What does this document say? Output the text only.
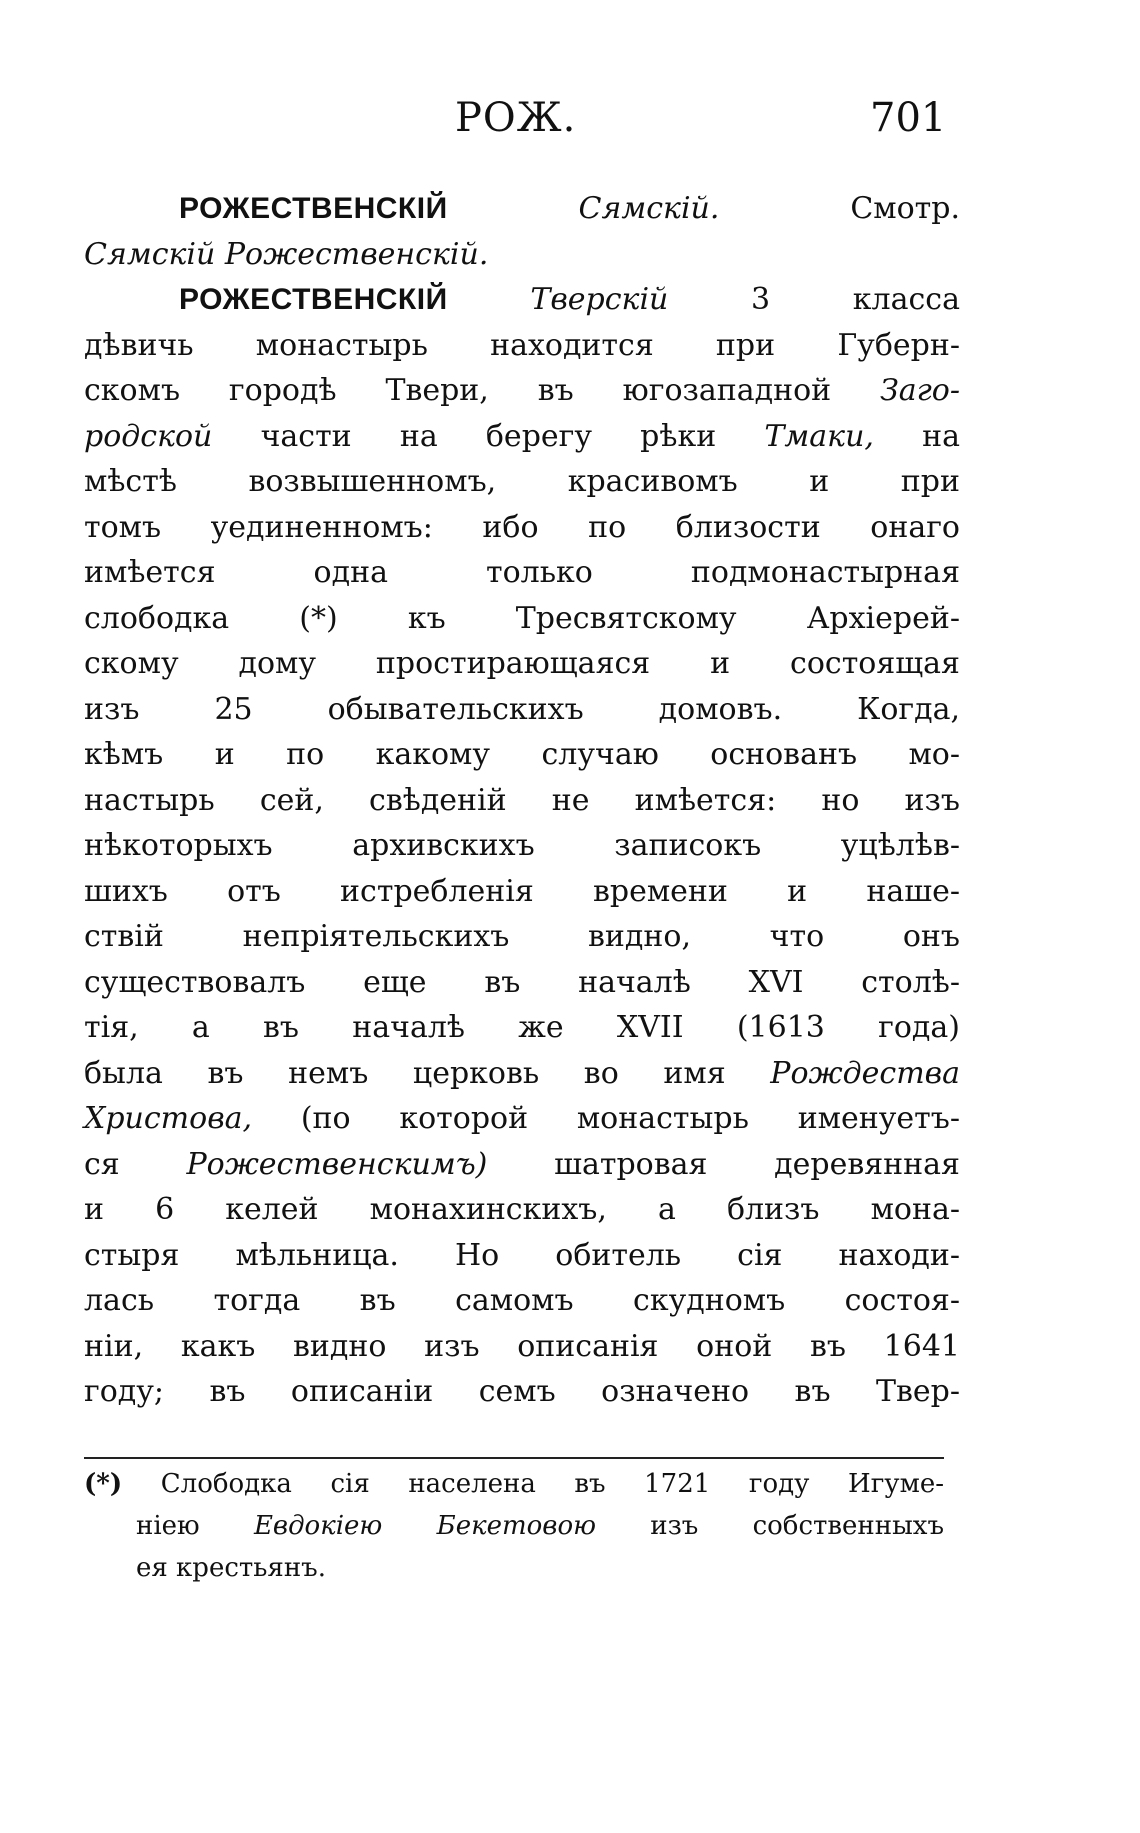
РОЖ.	701
РОЖЕСТВЕНСКІЙ	Сямскій.	Смотр.
Сямскій Рожественскій.
РОЖЕСТВЕНСКІЙ	Тверскій	3 класса
дѣвичь монастырь находится при Губерн-
скомъ городѣ Твери, въ югозападной Заго-
родской части на берегу рѣки Тмаки, на
мѣстѣ возвышенномъ, красивомъ и при
томъ уединенномъ: ибо по близости онаго
имѣется одна только подмонастырная
слободка (*) къ Тресвятскому Архіерей-
скому дому простирающаяся и состоящая
изъ 25 обывательскихъ домовъ. Когда,
кѣмъ и по какому случаю основанъ мо-
настырь сей, свѣденій не имѣется: но изъ
нѣкоторыхъ архивскихъ записокъ уцѣлѣв-
шихъ отъ истребленія времени и наше-
ствій непріятельскихъ видно, что онъ
существовалъ еще въ началѣ XVI столѣ-
тія, а въ началѣ же XVII (1613 года)
была въ немъ церковь во имя Рождества
Христова, (по которой монастырь именуетъ-
ся Рожественскимъ) шатровая деревянная
и 6 келей монахинскихъ, а близъ мона-
стыря мѣльница. Но обитель сія находи-
лась тогда въ самомъ скудномъ состоя-
ніи, какъ видно изъ описанія оной въ 1641
году; въ описаніи семъ означено въ Твер-
(*) Слободка сія населена въ 1721 году Игуме-
нiею Евдокіею Бекетовою изъ собственныхъ
ея крестьянъ.
